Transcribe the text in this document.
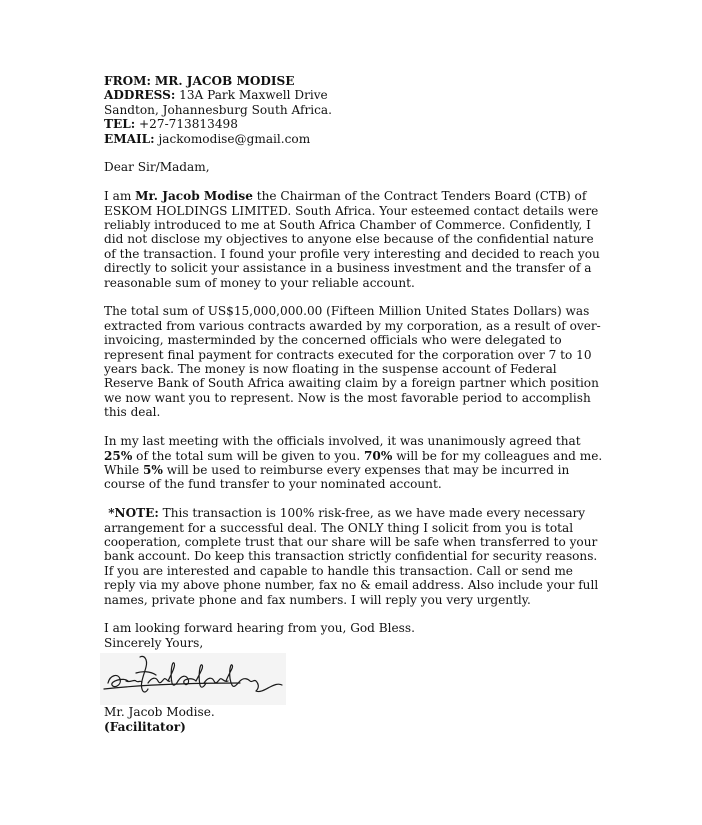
FROM: MR. JACOB MODISE
ADDRESS: 13A Park Maxwell Drive
Sandton, Johannesburg South Africa.
TEL: +27-713813498
EMAIL: jackomodise@gmail.com

Dear Sir/Madam,

I am Mr. Jacob Modise the Chairman of the Contract Tenders Board (CTB) of ESKOM HOLDINGS LIMITED. South Africa. Your esteemed contact details were reliably introduced to me at South Africa Chamber of Commerce. Confidently, I did not disclose my objectives to anyone else because of the confidential nature of the transaction. I found your profile very interesting and decided to reach you directly to solicit your assistance in a business investment and the transfer of a reasonable sum of money to your reliable account.

The total sum of US$15,000,000.00 (Fifteen Million United States Dollars) was extracted from various contracts awarded by my corporation, as a result of over-invoicing, masterminded by the concerned officials who were delegated to represent final payment for contracts executed for the corporation over 7 to 10 years back. The money is now floating in the suspense account of Federal Reserve Bank of South Africa awaiting claim by a foreign partner which position we now want you to represent. Now is the most favorable period to accomplish this deal.

In my last meeting with the officials involved, it was unanimously agreed that 25% of the total sum will be given to you. 70% will be for my colleagues and me. While 5% will be used to reimburse every expenses that may be incurred in course of the fund transfer to your nominated account.

*NOTE: This transaction is 100% risk-free, as we have made every necessary arrangement for a successful deal. The ONLY thing I solicit from you is total cooperation, complete trust that our share will be safe when transferred to your bank account. Do keep this transaction strictly confidential for security reasons. If you are interested and capable to handle this transaction. Call or send me reply via my above phone number, fax no & email address. Also include your full names, private phone and fax numbers. I will reply you very urgently.

I am looking forward hearing from you, God Bless.

Sincerely Yours,

Mr. Jacob Modise.
(Facilitator)
